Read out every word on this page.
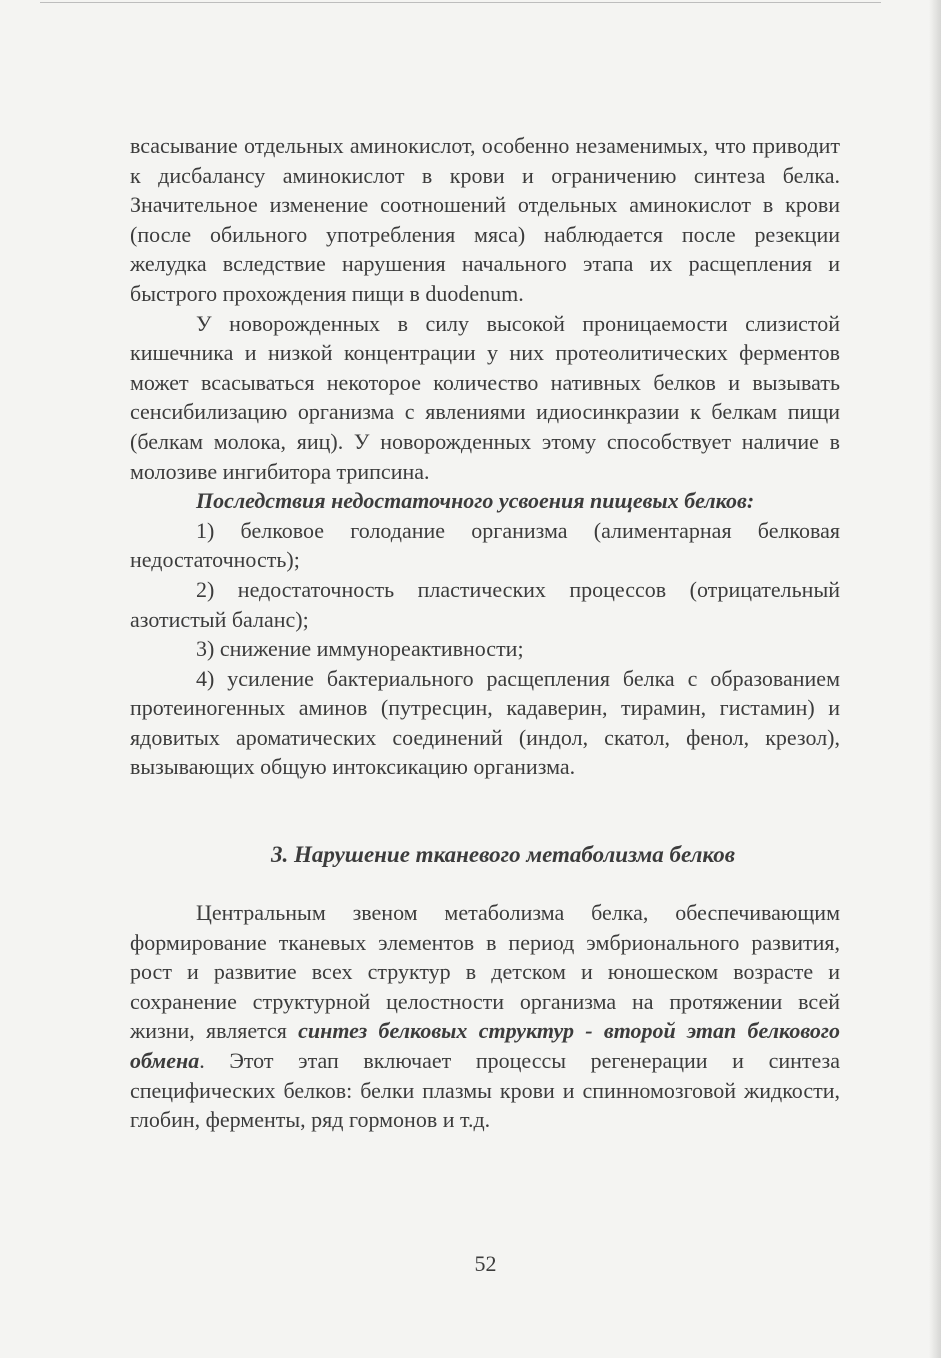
всасывание отдельных аминокислот, особенно незаменимых, что приводит к дисбалансу аминокислот в крови и ограничению синтеза белка. Значительное изменение соотношений отдельных аминокислот в крови (после обильного употребления мяса) наблюдается после резекции желудка вследствие нарушения начального этапа их расщепления и быстрого прохождения пищи в duodenum.

У новорожденных в силу высокой проницаемости слизистой кишечника и низкой концентрации у них протеолитических ферментов может всасываться некоторое количество нативных белков и вызывать сенсибилизацию организма с явлениями идиосинкразии к белкам пищи (белкам молока, яиц). У новорожденных этому способствует наличие в молозиве ингибитора трипсина.

Последствия недостаточного усвоения пищевых белков:

1) белковое голодание организма (алиментарная белковая недостаточность);

2) недостаточность пластических процессов (отрицательный азотистый баланс);

3) снижение иммунореактивности;

4) усиление бактериального расщепления белка с образованием протеиногенных аминов (путресцин, кадаверин, тирамин, гистамин) и ядовитых ароматических соединений (индол, скатол, фенол, крезол), вызывающих общую интоксикацию организма.

3. Нарушение тканевого метаболизма белков

Центральным звеном метаболизма белка, обеспечивающим формирование тканевых элементов в период эмбрионального развития, рост и развитие всех структур в детском и юношеском возрасте и сохранение структурной целостности организма на протяжении всей жизни, является синтез белковых структур - второй этап белкового обмена. Этот этап включает процессы регенерации и синтеза специфических белков: белки плазмы крови и спинномозговой жидкости, глобин, ферменты, ряд гормонов и т.д.

52
